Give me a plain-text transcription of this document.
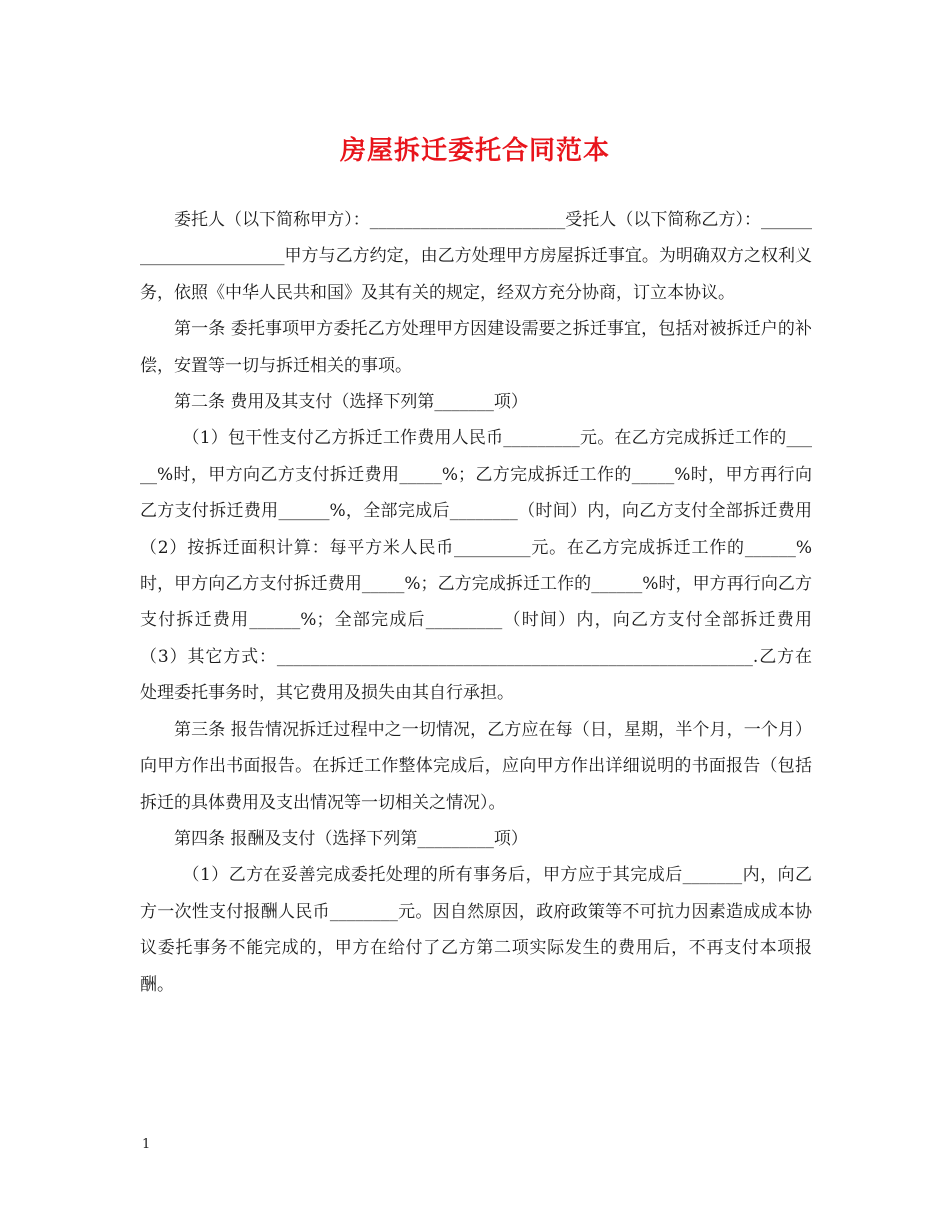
房屋拆迁委托合同范本

委托人（以下简称甲方）：_______________________受托人（以下简称乙方）：_______________________甲方与乙方约定，由乙方处理甲方房屋拆迁事宜。为明确双方之权利义务，依照《中华人民共和国》及其有关的规定，经双方充分协商，订立本协议。

第一条 委托事项甲方委托乙方处理甲方因建设需要之拆迁事宜，包括对被拆迁户的补偿，安置等一切与拆迁相关的事项。

第二条 费用及其支付（选择下列第_______项）

（1）包干性支付乙方拆迁工作费用人民币_________元。在乙方完成拆迁工作的_____%时，甲方向乙方支付拆迁费用_____%；乙方完成拆迁工作的_____%时，甲方再行向乙方支付拆迁费用______%，全部完成后________（时间）内，向乙方支付全部拆迁费用（2）按拆迁面积计算：每平方米人民币_________元。在乙方完成拆迁工作的______%时，甲方向乙方支付拆迁费用_____%；乙方完成拆迁工作的______%时，甲方再行向乙方支付拆迁费用______%；全部完成后_________（时间）内，向乙方支付全部拆迁费用（3）其它方式：________________________________________________________.乙方在处理委托事务时，其它费用及损失由其自行承担。

第三条 报告情况拆迁过程中之一切情况，乙方应在每（日，星期，半个月，一个月）向甲方作出书面报告。在拆迁工作整体完成后，应向甲方作出详细说明的书面报告（包括拆迁的具体费用及支出情况等一切相关之情况）。

第四条 报酬及支付（选择下列第_________项）

（1）乙方在妥善完成委托处理的所有事务后，甲方应于其完成后_______内，向乙方一次性支付报酬人民币________元。因自然原因，政府政策等不可抗力因素造成成本协议委托事务不能完成的，甲方在给付了乙方第二项实际发生的费用后，不再支付本项报酬。

1
